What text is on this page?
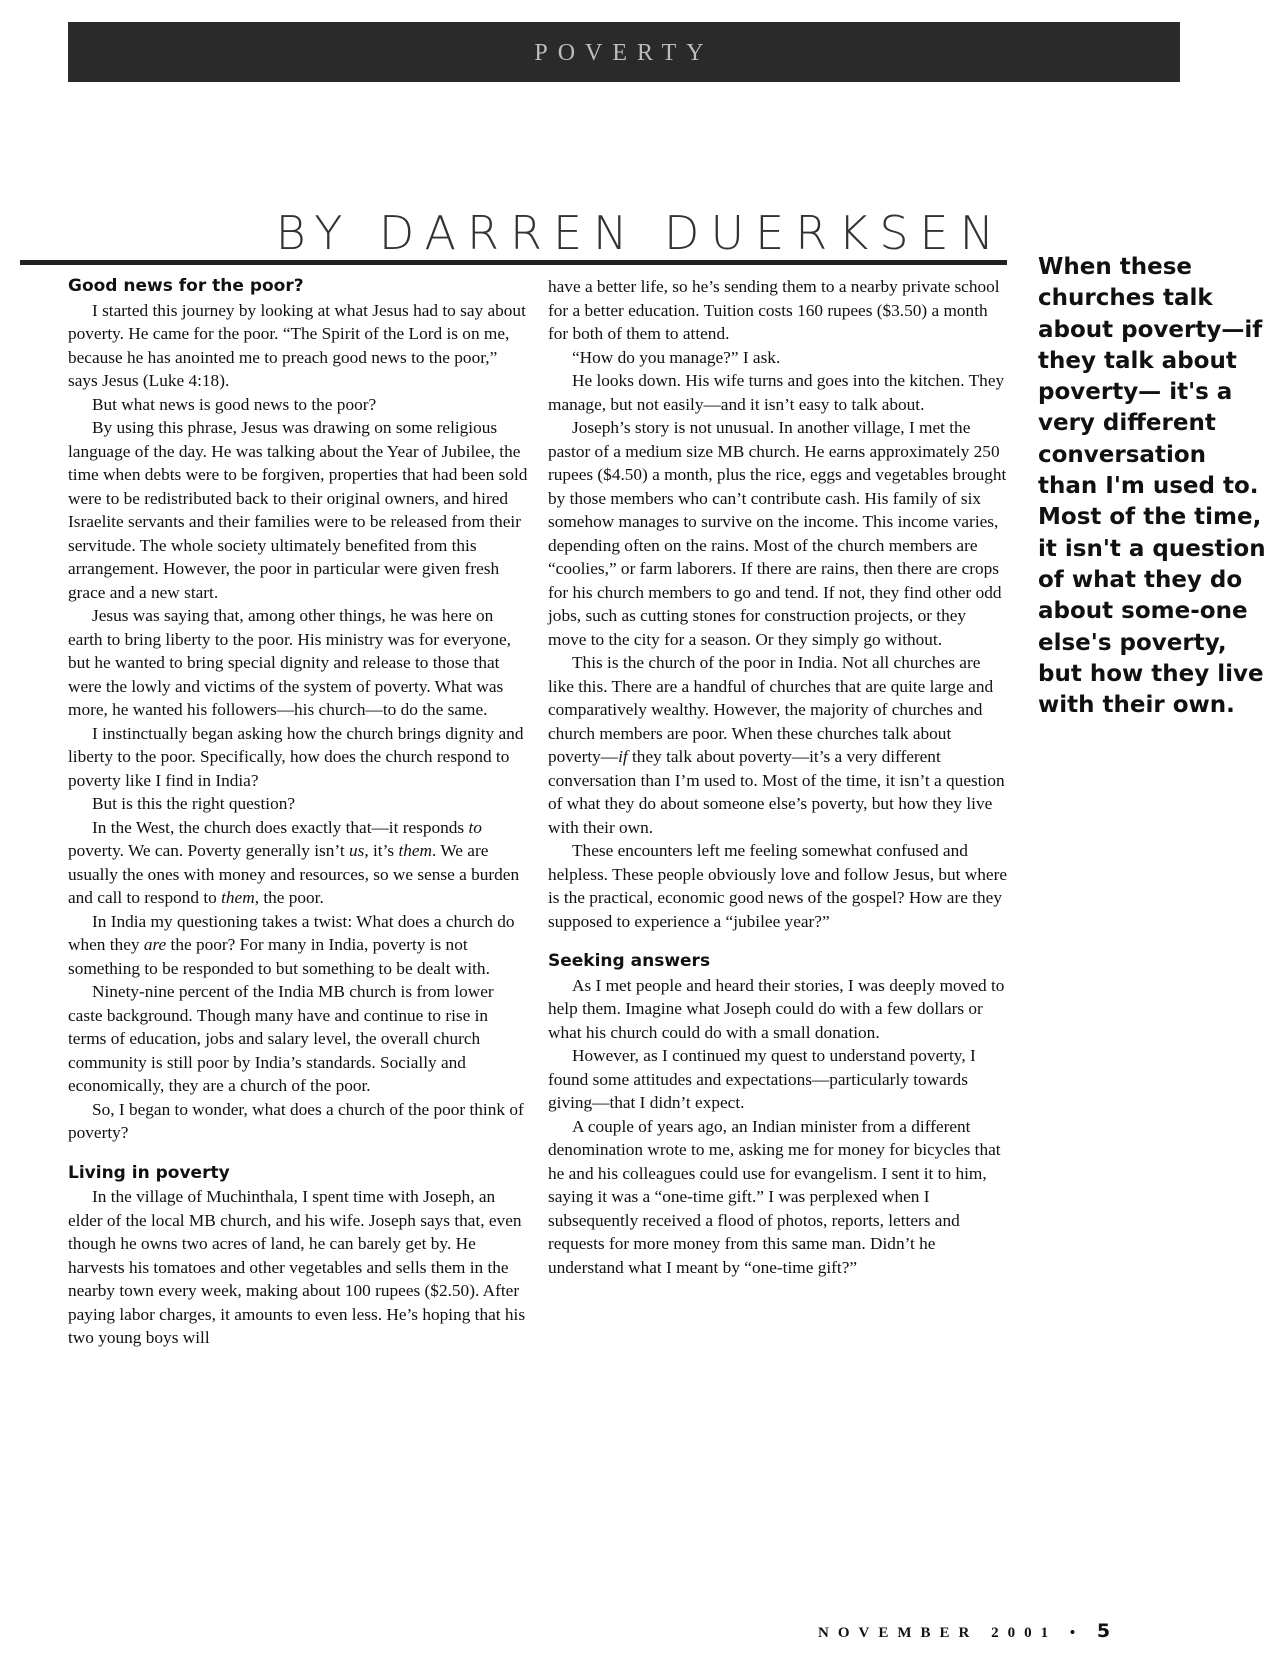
POVERTY
BY DARREN DUERKSEN
Good news for the poor?

I started this journey by looking at what Jesus had to say about poverty. He came for the poor. “The Spirit of the Lord is on me, because he has anointed me to preach good news to the poor,” says Jesus (Luke 4:18).

But what news is good news to the poor?

By using this phrase, Jesus was drawing on some religious language of the day. He was talking about the Year of Jubilee, the time when debts were to be forgiven, properties that had been sold were to be redistributed back to their original owners, and hired Israelite servants and their families were to be released from their servitude. The whole society ultimately benefited from this arrangement. However, the poor in particular were given fresh grace and a new start.

Jesus was saying that, among other things, he was here on earth to bring liberty to the poor. His ministry was for everyone, but he wanted to bring special dignity and release to those that were the lowly and victims of the system of poverty. What was more, he wanted his followers—his church—to do the same.

I instinctually began asking how the church brings dignity and liberty to the poor. Specifically, how does the church respond to poverty like I find in India?

But is this the right question?

In the West, the church does exactly that—it responds to poverty. We can. Poverty generally isn’t us, it’s them. We are usually the ones with money and resources, so we sense a burden and call to respond to them, the poor.

In India my questioning takes a twist: What does a church do when they are the poor? For many in India, poverty is not something to be responded to but something to be dealt with.

Ninety-nine percent of the India MB church is from lower caste background. Though many have and continue to rise in terms of education, jobs and salary level, the overall church community is still poor by India’s standards. Socially and economically, they are a church of the poor.

So, I began to wonder, what does a church of the poor think of poverty?

Living in poverty

In the village of Muchinthala, I spent time with Joseph, an elder of the local MB church, and his wife. Joseph says that, even though he owns two acres of land, he can barely get by. He harvests his tomatoes and other vegetables and sells them in the nearby town every week, making about 100 rupees ($2.50). After paying labor charges, it amounts to even less. He’s hoping that his two young boys will

have a better life, so he’s sending them to a nearby private school for a better education. Tuition costs 160 rupees ($3.50) a month for both of them to attend.

“How do you manage?” I ask.

He looks down. His wife turns and goes into the kitchen. They manage, but not easily—and it isn’t easy to talk about.

Joseph’s story is not unusual. In another village, I met the pastor of a medium size MB church. He earns approximately 250 rupees ($4.50) a month, plus the rice, eggs and vegetables brought by those members who can’t contribute cash. His family of six somehow manages to survive on the income. This income varies, depending often on the rains. Most of the church members are “coolies,” or farm laborers. If there are rains, then there are crops for his church members to go and tend. If not, they find other odd jobs, such as cutting stones for construction projects, or they move to the city for a season. Or they simply go without.

This is the church of the poor in India. Not all churches are like this. There are a handful of churches that are quite large and comparatively wealthy. However, the majority of churches and church members are poor. When these churches talk about poverty—if they talk about poverty—it’s a very different conversation than I’m used to. Most of the time, it isn’t a question of what they do about someone else’s poverty, but how they live with their own.

These encounters left me feeling somewhat confused and helpless. These people obviously love and follow Jesus, but where is the practical, economic good news of the gospel? How are they supposed to experience a “jubilee year?”

Seeking answers

As I met people and heard their stories, I was deeply moved to help them. Imagine what Joseph could do with a few dollars or what his church could do with a small donation.

However, as I continued my quest to understand poverty, I found some attitudes and expectations—particularly towards giving—that I didn’t expect.

A couple of years ago, an Indian minister from a different denomination wrote to me, asking me for money for bicycles that he and his colleagues could use for evangelism. I sent it to him, saying it was a “one-time gift.” I was perplexed when I subsequently received a flood of photos, reports, letters and requests for more money from this same man. Didn’t he understand what I meant by “one-time gift?”

When these churches talk about poverty—if they talk about poverty— it's a very different conversation than I'm used to. Most of the time, it isn't a question of what they do about some-one else's poverty, but how they live with their own.
NOVEMBER 2001 • 5
